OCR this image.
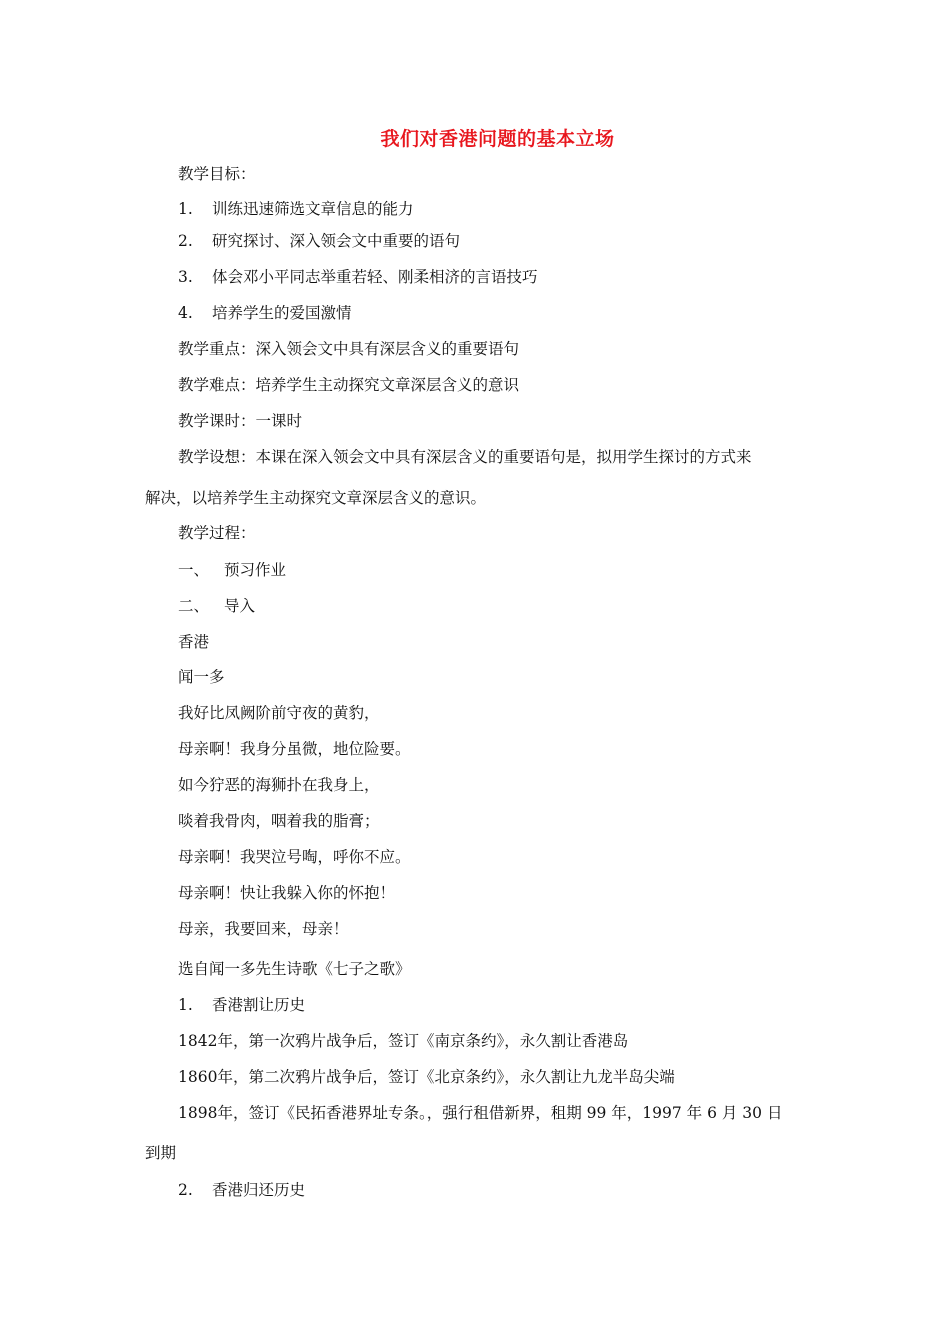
我们对香港问题的基本立场
教学目标：
1. 训练迅速筛选文章信息的能力
2. 研究探讨、深入领会文中重要的语句
3. 体会邓小平同志举重若轻、刚柔相济的言语技巧
4. 培养学生的爱国激情
教学重点：深入领会文中具有深层含义的重要语句
教学难点：培养学生主动探究文章深层含义的意识
教学课时：一课时
教学设想：本课在深入领会文中具有深层含义的重要语句是，拟用学生探讨的方式来
解决，以培养学生主动探究文章深层含义的意识。
教学过程：
一、 预习作业
二、 导入
香港
闻一多
我好比凤阙阶前守夜的黄豹，
母亲啊！我身分虽微，地位险要。
如今狞恶的海狮扑在我身上，
啖着我骨肉，咽着我的脂膏；
母亲啊！我哭泣号啕，呼你不应。
母亲啊！快让我躲入你的怀抱！
母亲，我要回来，母亲！
选自闻一多先生诗歌《七子之歌》
1. 香港割让历史
1842年，第一次鸦片战争后，签订《南京条约》，永久割让香港岛
1860年，第二次鸦片战争后，签订《北京条约》，永久割让九龙半岛尖端
1898年，签订《民拓香港界址专条。，强行租借新界，租期 99 年，1997 年 6 月 30 日
到期
2. 香港归还历史
